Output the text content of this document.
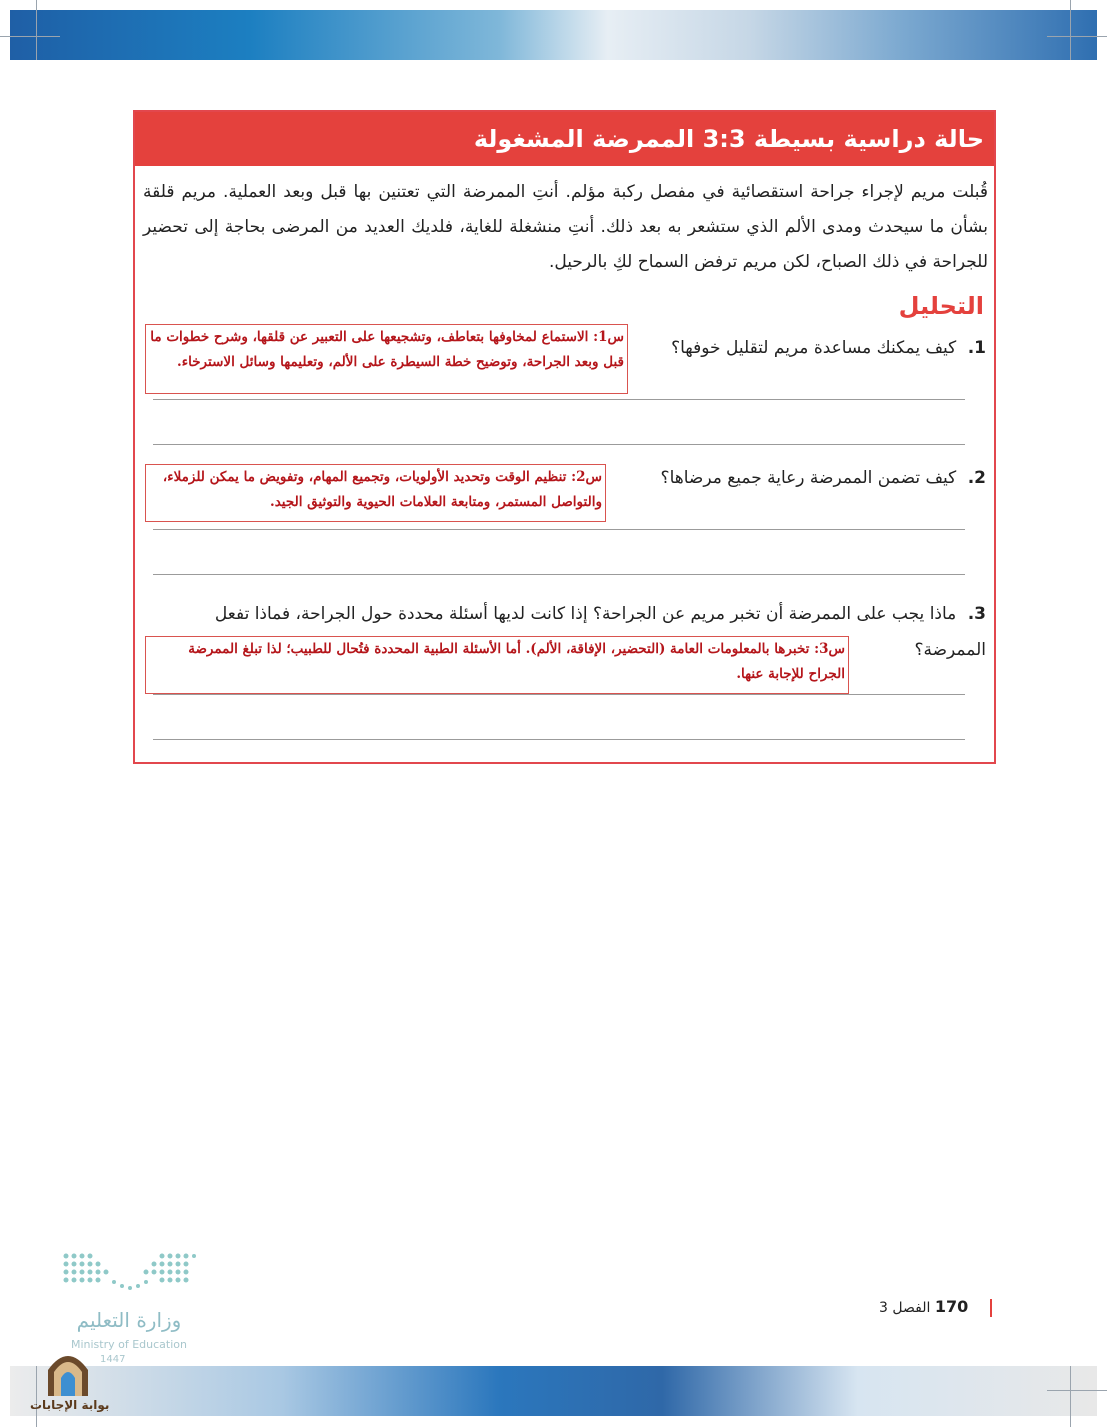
حالة دراسية بسيطة 3:3 الممرضة المشغولة
قُبلت مريم لإجراء جراحة استقصائية في مفصل ركبة مؤلم. أنتِ الممرضة التي تعتنين بها قبل وبعد العملية. مريم قلقة بشأن ما سيحدث ومدى الألم الذي ستشعر به بعد ذلك. أنتِ منشغلة للغاية، فلديك العديد من المرضى بحاجة إلى تحضير للجراحة في ذلك الصباح، لكن مريم ترفض السماح لكِ بالرحيل.
التحليل
1. كيف يمكنك مساعدة مريم لتقليل خوفها؟
س1: الاستماع لمخاوفها بتعاطف، وتشجيعها على التعبير عن قلقها، وشرح خطوات ما قبل وبعد الجراحة، وتوضيح خطة السيطرة على الألم، وتعليمها وسائل الاسترخاء.
2. كيف تضمن الممرضة رعاية جميع مرضاها؟
س2: تنظيم الوقت وتحديد الأولويات، وتجميع المهام، وتفويض ما يمكن للزملاء، والتواصل المستمر، ومتابعة العلامات الحيوية والتوثيق الجيد.
3. ماذا يجب على الممرضة أن تخبر مريم عن الجراحة؟ إذا كانت لديها أسئلة محددة حول الجراحة، فماذا تفعل الممرضة؟
س3: تخبرها بالمعلومات العامة (التحضير، الإفاقة، الألم). أما الأسئلة الطبية المحددة فتُحال للطبيب؛ لذا تبلغ الممرضة الجراح للإجابة عنها.
وزارة التعليم
Ministry of Education
1447
170 الفصل 3
بوابة الإجابات
